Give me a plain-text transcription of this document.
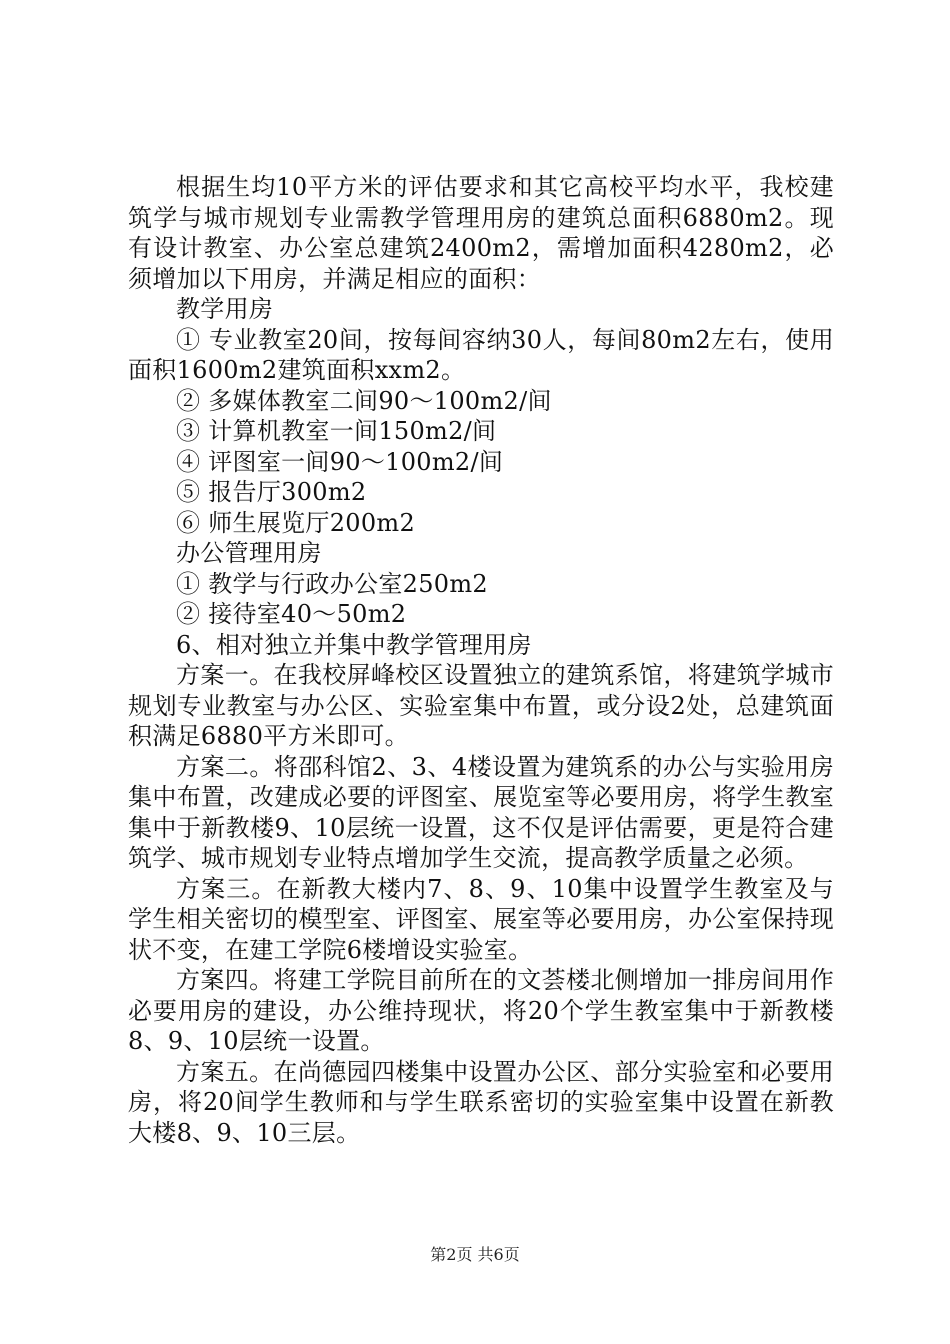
根据生均10平方米的评估要求和其它高校平均水平，我校建筑学与城市规划专业需教学管理用房的建筑总面积6880m2。现有设计教室、办公室总建筑2400m2，需增加面积4280m2，必须增加以下用房，并满足相应的面积：

教学用房

① 专业教室20间，按每间容纳30人，每间80m2左右，使用面积1600m2建筑面积xxm2。

② 多媒体教室二间90～100m2/间

③ 计算机教室一间150m2/间

④ 评图室一间90～100m2/间

⑤ 报告厅300m2

⑥ 师生展览厅200m2

办公管理用房

① 教学与行政办公室250m2

② 接待室40～50m2

6、相对独立并集中教学管理用房

方案一。在我校屏峰校区设置独立的建筑系馆，将建筑学城市规划专业教室与办公区、实验室集中布置，或分设2处，总建筑面积满足6880平方米即可。

方案二。将邵科馆2、3、4楼设置为建筑系的办公与实验用房集中布置，改建成必要的评图室、展览室等必要用房，将学生教室集中于新教楼9、10层统一设置，这不仅是评估需要，更是符合建筑学、城市规划专业特点增加学生交流，提高教学质量之必须。

方案三。在新教大楼内7、8、9、10集中设置学生教室及与学生相关密切的模型室、评图室、展室等必要用房，办公室保持现状不变，在建工学院6楼增设实验室。

方案四。将建工学院目前所在的文荟楼北侧增加一排房间用作必要用房的建设，办公维持现状，将20个学生教室集中于新教楼8、9、10层统一设置。

方案五。在尚德园四楼集中设置办公区、部分实验室和必要用房，将20间学生教师和与学生联系密切的实验室集中设置在新教大楼8、9、10三层。

第2页 共6页
